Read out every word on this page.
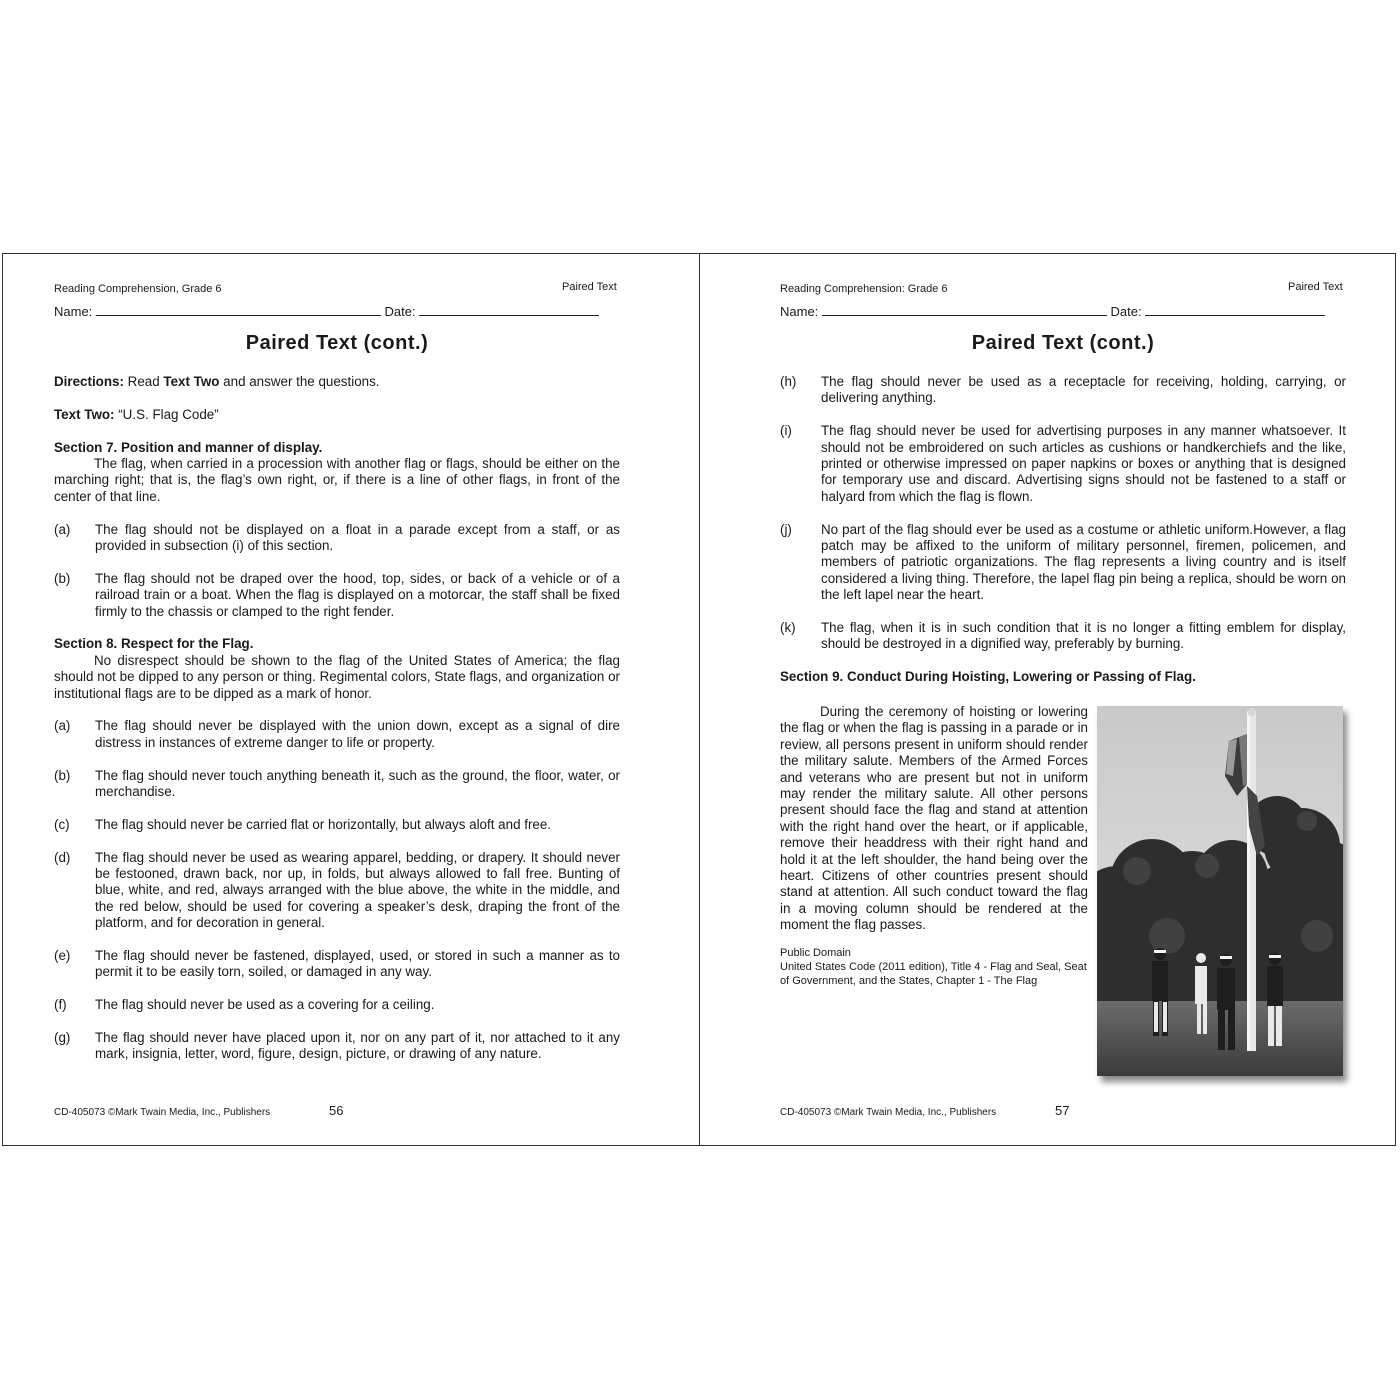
Reading Comprehension, Grade 6	Paired Text
Name:	Date:
Paired Text (cont.)
Directions: Read Text Two and answer the questions.
Text Two: “U.S. Flag Code”
Section 7. Position and manner of display.
The flag, when carried in a procession with another flag or flags, should be either on the marching right; that is, the flag’s own right, or, if there is a line of other flags, in front of the center of that line.
(a) The flag should not be displayed on a float in a parade except from a staff, or as provided in subsection (i) of this section.
(b) The flag should not be draped over the hood, top, sides, or back of a vehicle or of a railroad train or a boat. When the flag is displayed on a motorcar, the staff shall be fixed firmly to the chassis or clamped to the right fender.
Section 8. Respect for the Flag.
No disrespect should be shown to the flag of the United States of America; the flag should not be dipped to any person or thing. Regimental colors, State flags, and organization or institutional flags are to be dipped as a mark of honor.
(a) The flag should never be displayed with the union down, except as a signal of dire distress in instances of extreme danger to life or property.
(b) The flag should never touch anything beneath it, such as the ground, the floor, water, or merchandise.
(c) The flag should never be carried flat or horizontally, but always aloft and free.
(d) The flag should never be used as wearing apparel, bedding, or drapery. It should never be festooned, drawn back, nor up, in folds, but always allowed to fall free. Bunting of blue, white, and red, always arranged with the blue above, the white in the middle, and the red below, should be used for covering a speaker’s desk, draping the front of the platform, and for decoration in general.
(e) The flag should never be fastened, displayed, used, or stored in such a manner as to permit it to be easily torn, soiled, or damaged in any way.
(f) The flag should never be used as a covering for a ceiling.
(g) The flag should never have placed upon it, nor on any part of it, nor attached to it any mark, insignia, letter, word, figure, design, picture, or drawing of any nature.
CD-405073 ©Mark Twain Media, Inc., Publishers	56
Reading Comprehension: Grade 6	Paired Text
Name:	Date:
Paired Text (cont.)
(h) The flag should never be used as a receptacle for receiving, holding, carrying, or delivering anything.
(i) The flag should never be used for advertising purposes in any manner whatsoever. It should not be embroidered on such articles as cushions or handkerchiefs and the like, printed or otherwise impressed on paper napkins or boxes or anything that is designed for temporary use and discard. Advertising signs should not be fastened to a staff or halyard from which the flag is flown.
(j) No part of the flag should ever be used as a costume or athletic uniform.However, a flag patch may be affixed to the uniform of military personnel, firemen, policemen, and members of patriotic organizations. The flag represents a living country and is itself considered a living thing. Therefore, the lapel flag pin being a replica, should be worn on the left lapel near the heart.
(k) The flag, when it is in such condition that it is no longer a fitting emblem for display, should be destroyed in a dignified way, preferably by burning.
Section 9. Conduct During Hoisting, Lowering or Passing of Flag.
During the ceremony of hoisting or lowering the flag or when the flag is passing in a parade or in review, all persons present in uniform should render the military salute. Members of the Armed Forces and veterans who are present but not in uniform may render the military salute. All other persons present should face the flag and stand at attention with the right hand over the heart, or if applicable, remove their headdress with their right hand and hold it at the left shoulder, the hand being over the heart. Citizens of other countries present should stand at attention. All such conduct toward the flag in a moving column should be rendered at the moment the flag passes.
Public Domain
United States Code (2011 edition), Title 4 - Flag and Seal, Seat of Government, and the States, Chapter 1 - The Flag
CD-405073 ©Mark Twain Media, Inc., Publishers	57
